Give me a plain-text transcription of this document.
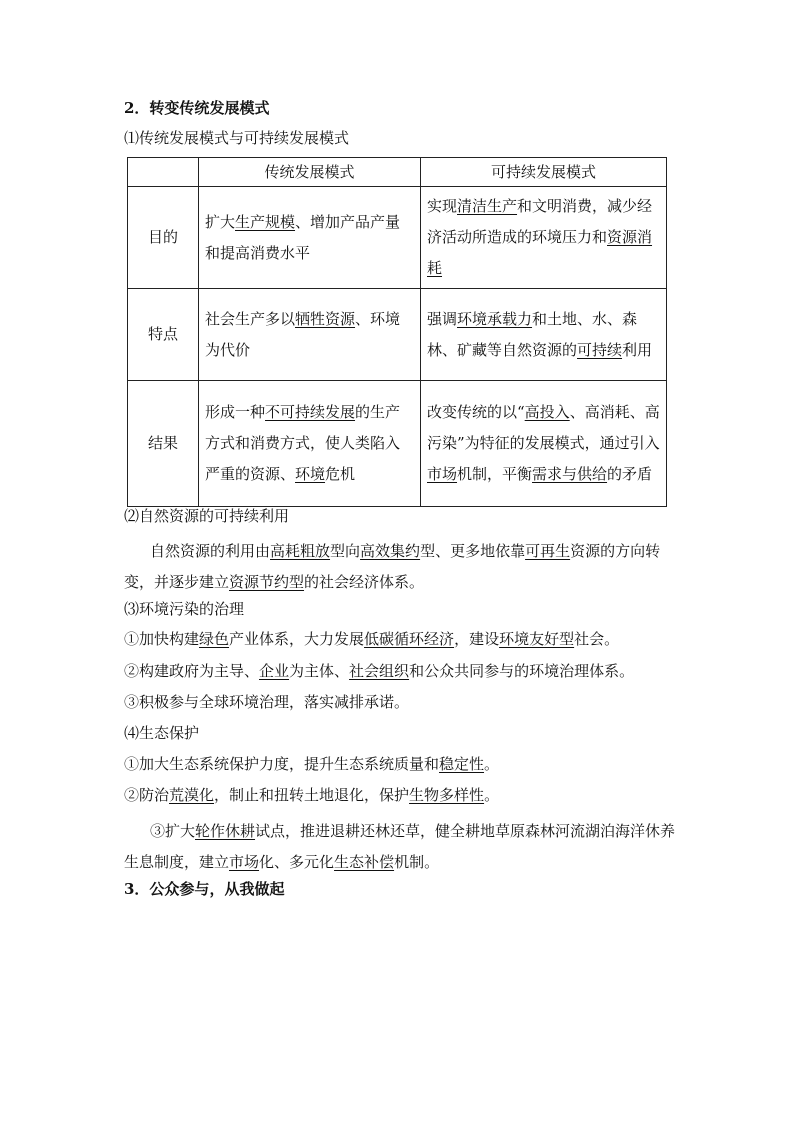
2．转变传统发展模式
⑴传统发展模式与可持续发展模式
	传统发展模式	可持续发展模式
目的	扩大生产规模、增加产品产量和提高消费水平	实现清洁生产和文明消费，减少经济活动所造成的环境压力和资源消耗
特点	社会生产多以牺牲资源、环境为代价	强调环境承载力和土地、水、森林、矿藏等自然资源的可持续利用
结果	形成一种不可持续发展的生产方式和消费方式，使人类陷入严重的资源、环境危机	改变传统的以“高投入、高消耗、高污染”为特征的发展模式，通过引入市场机制，平衡需求与供给的矛盾
⑵自然资源的可持续利用
自然资源的利用由高耗粗放型向高效集约型、更多地依靠可再生资源的方向转变，并逐步建立资源节约型的社会经济体系。
⑶环境污染的治理
①加快构建绿色产业体系，大力发展低碳循环经济，建设环境友好型社会。
②构建政府为主导、企业为主体、社会组织和公众共同参与的环境治理体系。
③积极参与全球环境治理，落实减排承诺。
⑷生态保护
①加大生态系统保护力度，提升生态系统质量和稳定性。
②防治荒漠化，制止和扭转土地退化，保护生物多样性。
③扩大轮作休耕试点，推进退耕还林还草，健全耕地草原森林河流湖泊海洋休养生息制度，建立市场化、多元化生态补偿机制。
3．公众参与，从我做起
